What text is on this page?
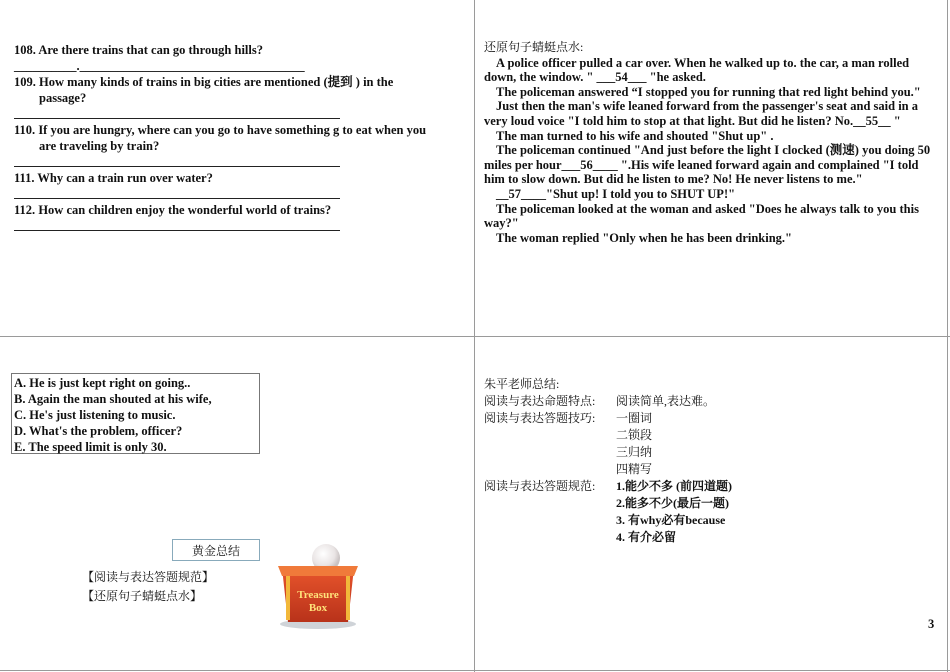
108. Are there trains that can go through hills?
__________.____________________________________
109. How many kinds of trains in big cities are mentioned (提到 ) in the
passage?
110. If you are hungry, where can you go to have something g to eat when you
are traveling by train?
111. Why can a train run over water?
112. How can children enjoy the wonderful world of trains?
还原句子蜻蜓点水:

A police officer pulled a car over. When he walked up to. the car, a man rolled down, the window. " ___54___ "he asked.

The policeman answered “I stopped you for running that red light behind you."

Just then the man's wife leaned forward from the passenger's seat and said in a very loud voice "I told him to stop at that light. But did he listen? No.__55__ "

The man turned to his wife and shouted "Shut up" .

The policeman continued "And just before the light I clocked (测速) you doing 50 miles per hour___56____ ".His wife leaned forward again and complained "I told him to slow down. But did he listen to me? No! He never listens to me."

__57____"Shut up! I told you to SHUT UP!"

The policeman looked at the woman and asked "Does he always talk to you this way?"

The woman replied "Only when he has been drinking."

A. He is just kept right on going..
B. Again the man shouted at his wife,
C. He's just listening to music.
D. What's the problem, officer?
E. The speed limit is only 30.
黄金总结
【阅读与表达答题规范】
【还原句子蜻蜓点水】	Treasure
Box
朱平老师总结:
阅读与表达命题特点:	阅读简单,表达难。
阅读与表达答题技巧:	一圈词
二锁段
三归纳
四精写
阅读与表达答题规范:	1.能少不多 (前四道题)
2.能多不少(最后一题)
3. 有why必有because
4. 有介必留
3
